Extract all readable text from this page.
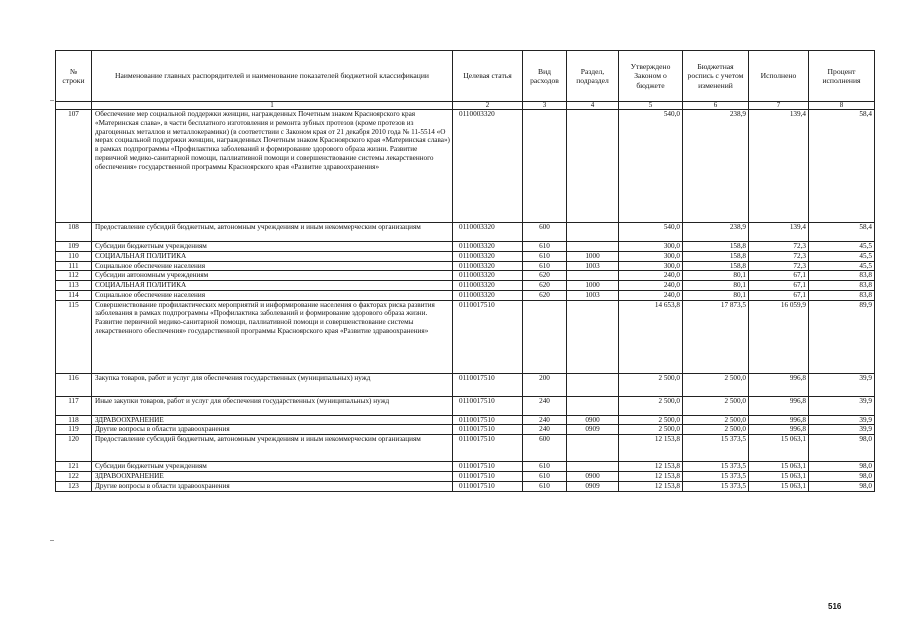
№ строки	Наименование главных распорядителей и наименование показателей бюджетной классификации	Целевая статья	Вид расходов	Раздел, подраздел	Утверждено Законом о бюджете	Бюджетная роспись с учетом изменений	Исполнено	Процент исполнения
	1	2	3	4	5	6	7	8
107	Обеспечение мер социальной поддержки женщин, награжденных Почетным знаком Красноярского края «Материнская слава», в части бесплатного изготовления и ремонта зубных протезов (кроме протезов из драгоценных металлов и металлокерамики) (в соответствии с Законом края от 21 декабря 2010 года № 11-5514 «О мерах социальной поддержки женщин, награжденных Почетным знаком Красноярского края «Материнская слава») в рамках подпрограммы «Профилактика заболеваний и формирование здорового образа жизни. Развитие первичной медико-санитарной помощи, паллиативной помощи и совершенствование системы лекарственного обеспечения» государственной программы Красноярского края «Развитие здравоохранения»	0110003320			540,0	238,9	139,4	58,4
108	Предоставление субсидий бюджетным, автономным учреждениям и иным некоммерческим организациям	0110003320	600		540,0	238,9	139,4	58,4
109	Субсидии бюджетным учреждениям	0110003320	610		300,0	158,8	72,3	45,5
110	СОЦИАЛЬНАЯ ПОЛИТИКА	0110003320	610	1000	300,0	158,8	72,3	45,5
111	Социальное обеспечение населения	0110003320	610	1003	300,0	158,8	72,3	45,5
112	Субсидии автономным учреждениям	0110003320	620		240,0	80,1	67,1	83,8
113	СОЦИАЛЬНАЯ ПОЛИТИКА	0110003320	620	1000	240,0	80,1	67,1	83,8
114	Социальное обеспечение населения	0110003320	620	1003	240,0	80,1	67,1	83,8
115	Совершенствование профилактических мероприятий и информирование населения о факторах риска развития заболевания в рамках подпрограммы «Профилактика заболеваний и формирование здорового образа жизни. Развитие первичной медико-санитарной помощи, паллиативной помощи и совершенствование системы лекарственного обеспечения» государственной программы Красноярского края «Развитие здравоохранения»	0110017510			14 653,8	17 873,5	16 059,9	89,9
116	Закупка товаров, работ и услуг для обеспечения государственных (муниципальных) нужд	0110017510	200		2 500,0	2 500,0	996,8	39,9
117	Иные закупки товаров, работ и услуг для обеспечения государственных (муниципальных) нужд	0110017510	240		2 500,0	2 500,0	996,8	39,9
118	ЗДРАВООХРАНЕНИЕ	0110017510	240	0900	2 500,0	2 500,0	996,8	39,9
119	Другие вопросы в области здравоохранения	0110017510	240	0909	2 500,0	2 500,0	996,8	39,9
120	Предоставление субсидий бюджетным, автономным учреждениям и иным некоммерческим организациям	0110017510	600		12 153,8	15 373,5	15 063,1	98,0
121	Субсидии бюджетным учреждениям	0110017510	610		12 153,8	15 373,5	15 063,1	98,0
122	ЗДРАВООХРАНЕНИЕ	0110017510	610	0900	12 153,8	15 373,5	15 063,1	98,0
123	Другие вопросы в области здравоохранения	0110017510	610	0909	12 153,8	15 373,5	15 063,1	98,0
516
